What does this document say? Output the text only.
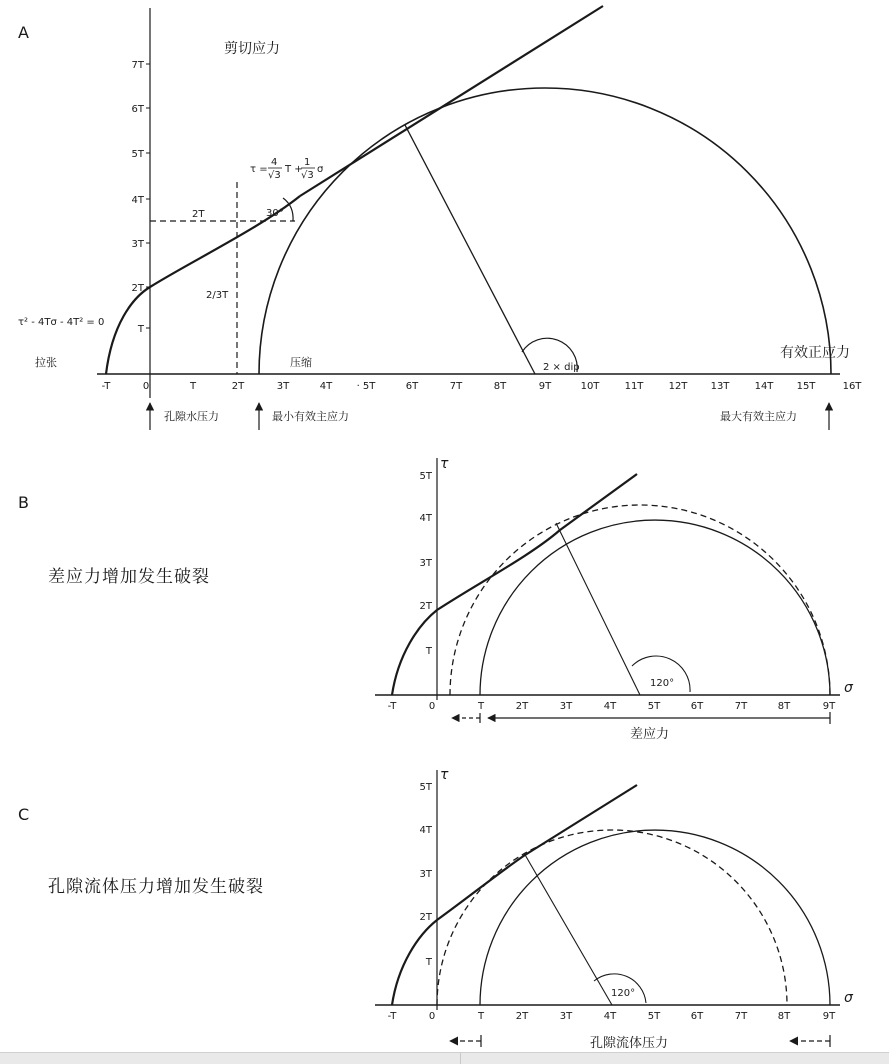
A
剪切应力
T
2T
3T
4T
5T
6T
7T
-T	0	T	2T	3T	4T · 5T	6T	7T	8T	9T	10T	11T	12T 13T	14T 15T	16T
2 × dip
2T
2/3T
30°
τ² - 4Tσ - 4T² = 0
τ =
4
√3
T +
1
√3
σ
拉张	压缩
有效正应力
孔隙水压力	最小有效主应力	最大有效主应力
B
差应力增加发生破裂
τ
σ
T
2T
3T
4T
5T
-T	0	T	2T	3T	4T	5T	6T	7T	8T	9T
120°
差应力
C
孔隙流体压力增加发生破裂
τ
σ
T
2T
3T
4T
5T
-T	0	T	2T	3T	4T	5T	6T	7T	8T	9T
120°
孔隙流体压力
